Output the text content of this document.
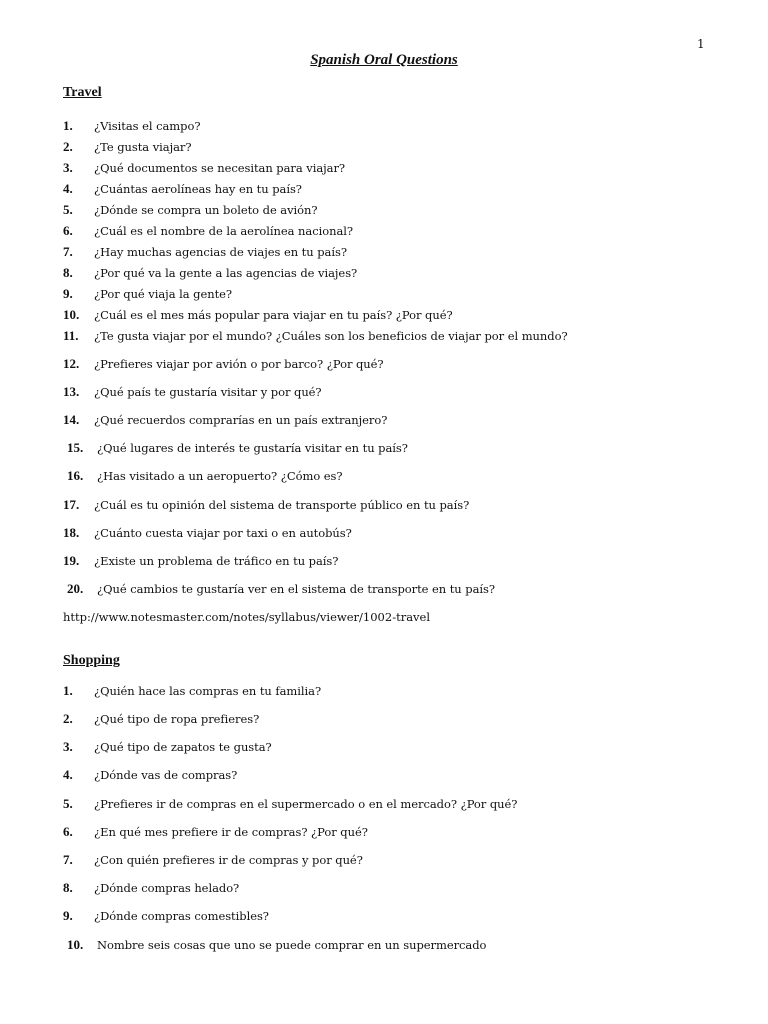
1
Spanish Oral Questions
Travel
1. ¿Visitas el campo?
2. ¿Te gusta viajar?
3. ¿Qué documentos se necesitan para viajar?
4. ¿Cuántas aerolíneas hay en tu país?
5. ¿Dónde se compra un boleto de avión?
6. ¿Cuál es el nombre de la aerolínea nacional?
7. ¿Hay muchas agencias de viajes en tu país?
8. ¿Por qué va la gente a las agencias de viajes?
9. ¿Por qué viaja la gente?
10. ¿Cuál es el mes más popular para viajar en tu país? ¿Por qué?
11. ¿Te gusta viajar por el mundo? ¿Cuáles son los beneficios de viajar por el mundo?
12. ¿Prefieres viajar por avión o por barco? ¿Por qué?
13. ¿Qué país te gustaría visitar y por qué?
14. ¿Qué recuerdos comprarías en un país extranjero?
15. ¿Qué lugares de interés te gustaría visitar en tu país?
16. ¿Has visitado a un aeropuerto? ¿Cómo es?
17. ¿Cuál es tu opinión del sistema de transporte público en tu país?
18. ¿Cuánto cuesta viajar por taxi o en autobús?
19. ¿Existe un problema de tráfico en tu país?
20. ¿Qué cambios te gustaría ver en el sistema de transporte en tu país?
http://www.notesmaster.com/notes/syllabus/viewer/1002-travel
Shopping
1. ¿Quién hace las compras en tu familia?
2. ¿Qué tipo de ropa prefieres?
3. ¿Qué tipo de zapatos te gusta?
4. ¿Dónde vas de compras?
5. ¿Prefieres ir de compras en el supermercado o en el mercado? ¿Por qué?
6. ¿En qué mes prefiere ir de compras? ¿Por qué?
7. ¿Con quién prefieres ir de compras y por qué?
8. ¿Dónde compras helado?
9. ¿Dónde compras comestibles?
10. Nombre seis cosas que uno se puede comprar en un supermercado
